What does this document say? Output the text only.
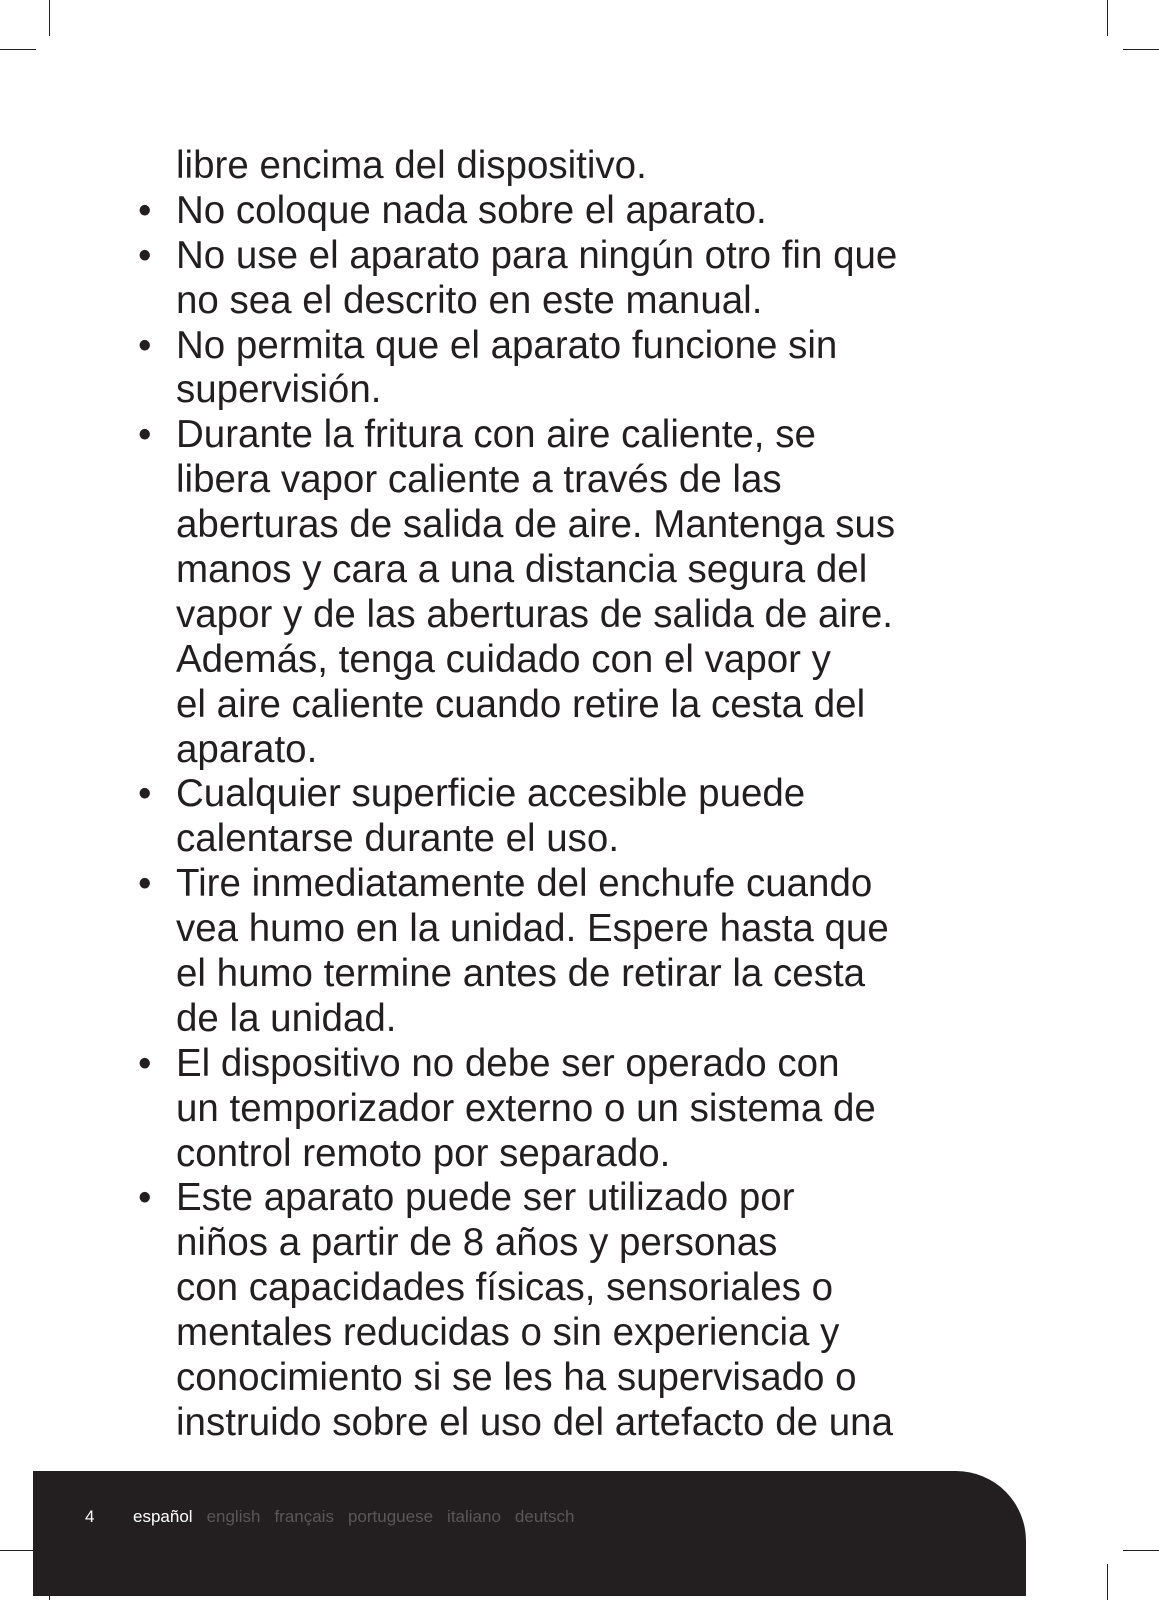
libre encima del dispositivo.
• No coloque nada sobre el aparato.
• No use el aparato para ningún otro fin que
no sea el descrito en este manual.
• No permita que el aparato funcione sin
supervisión.
• Durante la fritura con aire caliente, se
libera vapor caliente a través de las
aberturas de salida de aire. Mantenga sus
manos y cara a una distancia segura del
vapor y de las aberturas de salida de aire.
Además, tenga cuidado con el vapor y
el aire caliente cuando retire la cesta del
aparato.
• Cualquier superficie accesible puede
calentarse durante el uso.
• Tire inmediatamente del enchufe cuando
vea humo en la unidad. Espere hasta que
el humo termine antes de retirar la cesta
de la unidad.
• El dispositivo no debe ser operado con
un temporizador externo o un sistema de
control remoto por separado.
• Este aparato puede ser utilizado por
niños a partir de 8 años y personas
con capacidades físicas, sensoriales o
mentales reducidas o sin experiencia y
conocimiento si se les ha supervisado o
instruido sobre el uso del artefacto de una
4 español english français portuguese italiano deutsch
